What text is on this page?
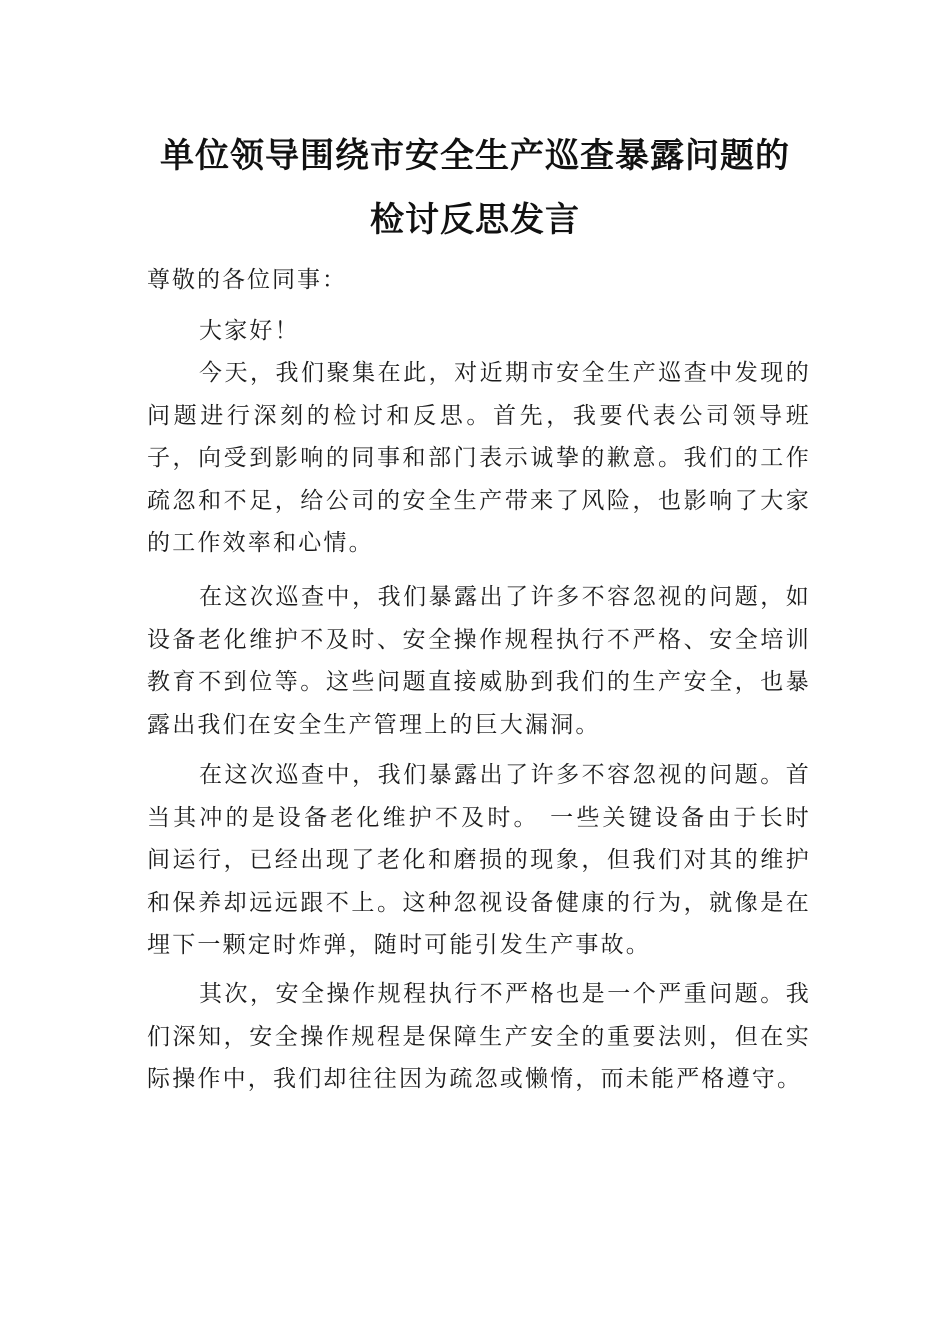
单位领导围绕市安全生产巡查暴露问题的
检讨反思发言
尊敬的各位同事：

大家好！

今天，我们聚集在此，对近期市安全生产巡查中发现的问题进行深刻的检讨和反思。首先，我要代表公司领导班子，向受到影响的同事和部门表示诚挚的歉意。我们的工作疏忽和不足，给公司的安全生产带来了风险，也影响了大家的工作效率和心情。

在这次巡查中，我们暴露出了许多不容忽视的问题，如设备老化维护不及时、安全操作规程执行不严格、安全培训教育不到位等。这些问题直接威胁到我们的生产安全，也暴露出我们在安全生产管理上的巨大漏洞。

在这次巡查中，我们暴露出了许多不容忽视的问题。首当其冲的是设备老化维护不及时。 一些关键设备由于长时间运行，已经出现了老化和磨损的现象，但我们对其的维护和保养却远远跟不上。这种忽视设备健康的行为，就像是在埋下一颗定时炸弹，随时可能引发生产事故。

其次，安全操作规程执行不严格也是一个严重问题。我们深知，安全操作规程是保障生产安全的重要法则，但在实际操作中，我们却往往因为疏忽或懒惰，而未能严格遵守。
